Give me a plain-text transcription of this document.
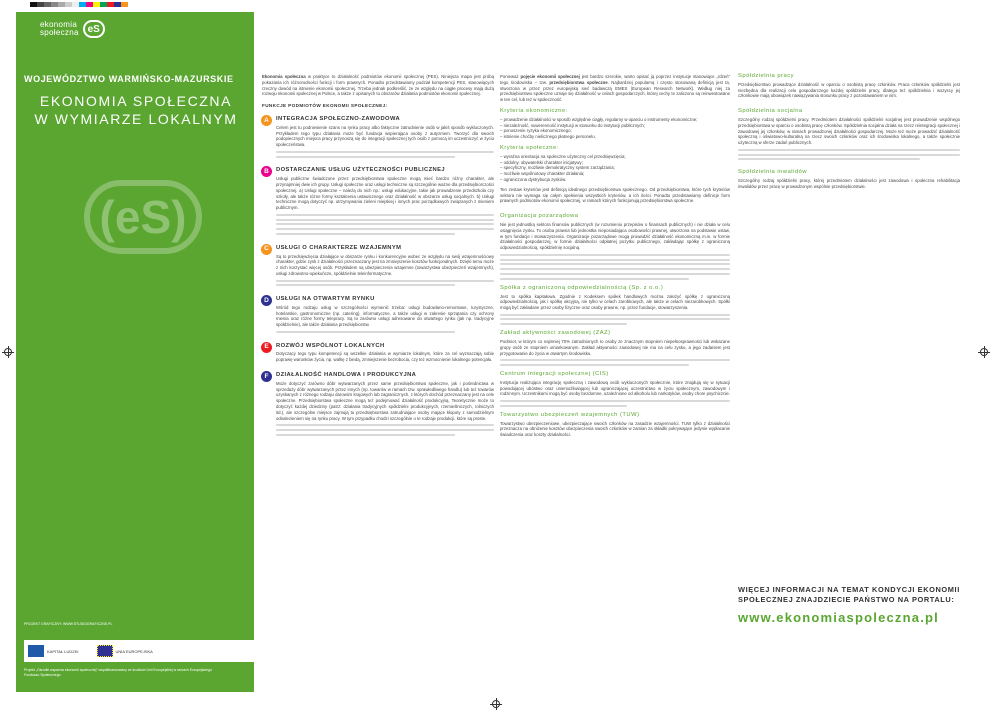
ekonomia
społeczna eS
WOJEWÓDZTWO WARMIŃSKO-MAZURSKIE
EKONOMIA SPOŁECZNA
W WYMIARZE LOKALNYM
(eS)
PROJEKT GRAFICZNY: WWW.STUDIOGRAFICZNE.PL
KAPITAŁ LUDZKI	UNIA EUROPEJSKA
Projekt „Ośrodki wsparcia ekonomii społecznej” współfinansowany ze środków Unii Europejskiej w ramach Europejskiego Funduszu Społecznego

Ekonomia społeczna w praktyce to działalność podmiotów ekonomii społecznej (PES). Niniejsza mapa jest próbą pokazania ich różnorodności funkcji i form prawnych. Ponadto przedstawiamy podział kompetencji PES, stanowiących rzeczny dowód na istnienie ekonomii społecznej. Trzeba jednak podkreślić, że ze względu na ciągłe procesy mają dużą rozwoju ekonomii społecznej w Polsce, a także z opisanych tu obszarów działania podmiotów ekonomii społecznej.

FUNKCJE PODMIOTÓW EKONOMII SPOŁECZNEJ:
A	INTEGRACJA SPOŁECZNO-ZAWODOWA

Celem jest tu podniesienie szans na rynku pracy albo faktyczne zatrudnienie osób w jakiś sposób wykluczonych. Przykładem tego typu działania może być fundacja wspierająca osoby z autyzmem. Tworzyć dla swoich podopiecznych miejsca pracy przynoszą się do integracji społecznej tych osób z pomocą im uczestniczyć w życiu społeczeństwa.

B	DOSTARCZANIE USŁUG UŻYTECZNOŚCI PUBLICZNEJ

Usługi publiczne świadczone przez przedsiębiorstwa społeczne mogą mieć bardzo różny charakter, ale przynajmniej dwie ich grupy. Usługi społeczne oraz usługi techniczne są szczególnie ważne dla przedsiębiorczości społecznej. a) Usługi społeczne – należą do nich np.: usługi edukacyjne, takie jak prowadzenie przedszkola czy szkoły, ale także różne formy kształcenia ustawicznego oraz działalność w obszarze usług socjalnych. b) Usługi techniczne mogą dotyczyć np. utrzymywania zieleni miejskiej i innych prac porządkowych związanych z mieniem publicznym.

C	USŁUGI O CHARAKTERZE WZAJEMNYM

Są to przedsięwzięcia działające w obszarze rynku i konkurencyjne wobec ze względu na swój wzajemnościowy charakter, gdzie zysk z działalności przeznaczany jest na zmniejszenie kosztów funkcjonalnych. Dzięki temu może z nich korzystać więcej osób. Przykładem są ubezpieczenia wzajemne (towarzystwa ubezpieczeń wzajemnych), usługi zdrowotno-opiekuńcze, spółdzielnie teleinformatyczne.

D	USŁUGI NA OTWARTYM RYNKU

Wśród tego rodzaju usług w szczególności wymienić trzeba: usługi budowlano-remontowe, turystyczne, hotelarskie, gastronomiczne (np. catering), informatyczne, a także usługi w zakresie sprzątania czy ochrony mienia oraz różne formy telepracy. Są to zarówno usługi adresowane do otwartego rynku (jak np. tradycyjne spółdzielnie), ale także działania przedsiębiorstw.

E	ROZWÓJ WSPÓLNOT LOKALNYCH

Dotyczący tego typu kompetencji są wszelkie działania w wymiarze lokalnym, które za cel wyznaczają sobie poprawę warunków życia, np. walkę z biedą, zmniejszenie bezrobocia, czy też wzmocnienie lokalnego potencjału.

F	DZIAŁALNOŚĆ HANDLOWA I PRODUKCYJNA

Może dotyczyć zarówno dóbr wytwarzanych przez same przedsiębiorstwa społeczne, jak i pośrednictwa w sprzedaży dóbr wytwarzanych przez innych (np. towarów w ramach tzw. sprawiedliwego handlu) lub też towarów uzyskanych z różnego rodzaju darowizn krajowych lub zagranicznych, z których dochód przeznaczany jest na cele społeczne. Przedsiębiorstwa społeczne mogą też podejmować działalność produkcyjną. Teoretycznie może to dotyczyć każdej dziedziny (patrz: działania tradycyjnych spółdzielni produkcyjnych, rzemieślniczych, rolniczych itd.), ale szczególne miejsce zajmują tu przedsiębiorstwa zatrudniające osoby mające kłopoty z samodzielnym odnalezieniem się na rynku pracy. W tym przypadku chodzi szczególnie o te rodzaje produkcji, które są proste.

Ponieważ pojęcie ekonomii społecznej jest bardzo szerokie, warto opisać ją poprzez instytucje stanowiące „rdzeń” tego środowiska – tzw. przedsiębiorstwa społeczne. Najbardziej popularną i często stosowaną definicją jest ta, stworzona w przez przez europejską sieć badawczą EMES (European Research Network). Według niej za przedsiębiorstwo społeczne uznaje się działalność w celach gospodarczych, której cechy te zaliczono są reinwestowane w ten cel, lub też w społeczność.

Kryteria ekonomiczne:
– prowadzenie działalności w sposób względnie ciągły, regularny w oparciu o instrumenty ekonomiczne;
– niezależność, suwerenność instytucji w stosunku do instytucji publicznych;
– ponoszenie ryzyka ekonomicznego;
– istnienie choćby nielicznego płatnego personelu.
Kryteria społeczne:
– wyraźna orientacja na społeczne użyteczny cel przedsięwzięcia;
– oddolny, obywatelski charakter inicjatywy;
– specyficzny, możliwie demokratyczny system zarządzania;
– możliwie wspólnotowy charakter działania;
– ograniczona dystrybucja zysków.

Ten zestaw kryteriów jest definicją idealnego przedsiębiorstwa społecznego. Od przedsiębiorstwa, które tych kryteriów sektora nie wymaga się całym spełnienia wszystkich kryteriów, a ich ilości. Ponadto przedstawiamy definicje form prawnych podmiotów ekonomii społecznej, w ramach których funkcjonują przedsiębiorstwa społeczne.

Organizacja pozarządowa

Nie jest jednostką sektora finansów publicznych (w rozumieniu przepisów o finansach publicznych) i nie działa w celu osiągnięcia zysku. To osoba prawna lub jednostka nieposiadająca osobowości prawnej, utworzona na podstawie ustaw, w tym fundacje i stowarzyszenia. Organizacje pozarządowe mogą prowadzić działalność ekonomiczną m.in. w formie działalności gospodarczej, w formie działalności odpłatnej pożytku publicznego, zakładając spółkę z ograniczoną odpowiedzialnością, spółdzielnię socjalną.

Spółka z ograniczoną odpowiedzialnością (Sp. z o.o.)

Jest to spółka kapitałowa. Zgodnie z Kodeksem spółek handlowych można założyć spółkę z ograniczoną odpowiedzialnością, jak i spółkę akcyjną, nie tylko w celach zarobkowych, ale także w celach niezarobkowych. Spółki mogą być zakładane przez osoby fizyczne oraz osoby prawne, np. przez fundacje, stowarzyszenia.

Zakład aktywności zawodowej (ZAZ)

Podmiot, w którym co najmniej 70% zatrudnionych to osoby ze znacznym stopniem niepełnosprawności lub wskazane grupy osób ze stopniem umiarkowanym. Zakład aktywności zawodowej nie ma na celu zysku, a jego zadaniem jest przygotowanie do życia w otwartym środowisku.

Centrum integracji społecznej (CIS)

Instytucja realizująca integrację społeczną i zawodową osób wykluczonych społecznie, które znajdują się w sytuacji powodującej ubóstwo oraz uniemożliwiającej lub ograniczającej uczestnictwo w życiu społecznym, zawodowym i rodzinnym. Uczestnikami mogą być osoby bezdomne, uzależnione od alkoholu lub narkotyków, osoby chore psychicznie.

Towarzystwo ubezpieczeń wzajemnych (TUW)

Towarzystwo ubezpieczeniowe, ubezpieczające swoich członków na zasadzie wzajemności. TUW tylko z działalności przeznacza na obniżenie kosztów ubezpieczenia swoich członków w zamian za składki pokrywające jedynie wypłacanie świadczenia oraz koszty działalności.

Spółdzielnia pracy

Przedsiębiorstwo prowadzące działalność w oparciu o osobistą pracę członków. Praca członków spółdzielni jest niezbędna dla realizacji celu gospodarczego każdej spółdzielni pracy, dlatego też spółdzielnia i wszyscy jej członkowie mają obowiązek nawiązywania stosunku pracy z pozostawaniem w nim.

Spółdzielnia socjalna

Szczególny rodzaj spółdzielni pracy. Przedmiotem działalności spółdzielni socjalnej jest prowadzenie wspólnego przedsiębiorstwa w oparciu o osobistą pracę członków. Spółdzielnia socjalna działa na rzecz reintegracji społecznej i zawodowej jej członków, w ramach prowadzonej działalności gospodarczej. Może też może prowadzić działalność społeczną i oświatowo-kulturalną na rzecz swoich członków oraz ich środowiska lokalnego, a także społecznie użyteczną w sferze zadań publicznych.

Spółdzielnia inwalidów

Szczególny rodzaj spółdzielni pracy, której przedmiotem działalności jest zawodowa i społeczna rehabilitacja inwalidów przez pracę w prowadzonym wspólnie przedsiębiorstwie.

WIĘCEJ INFORMACJI NA TEMAT KONDYCJI EKONOMII
SPOŁECZNEJ ZNAJDZIECIE PAŃSTWO NA PORTALU:
www.ekonomiaspoleczna.pl
